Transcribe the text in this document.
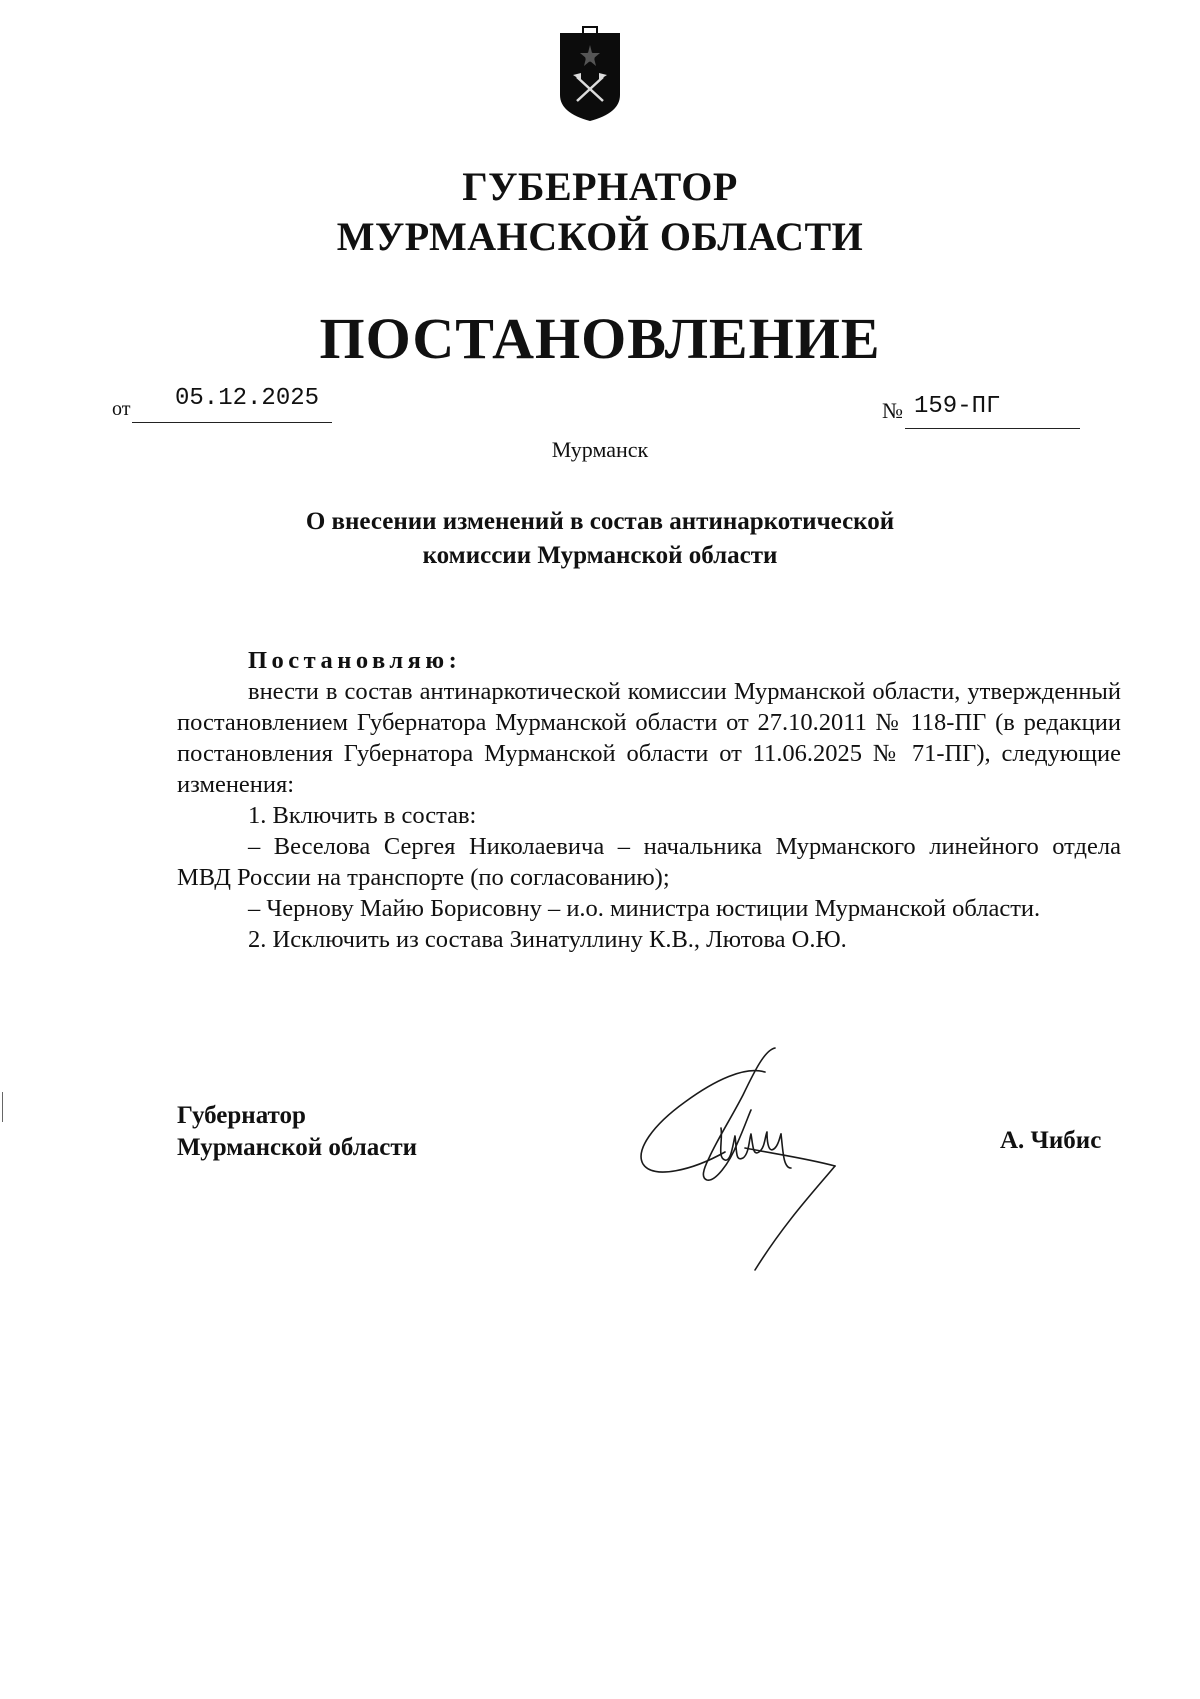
ГУБЕРНАТОР
МУРМАНСКОЙ ОБЛАСТИ
ПОСТАНОВЛЕНИЕ
от 05.12.2025	№ 159-ПГ
Мурманск
О внесении изменений в состав антинаркотической
комиссии Мурманской области

Постановляю:

внести в состав антинаркотической комиссии Мурманской области, утвержденный постановлением Губернатора Мурманской области от 27.10.2011 № 118-ПГ (в редакции постановления Губернатора Мурманской области от 11.06.2025 № 71-ПГ), следующие изменения:

1. Включить в состав:

– Веселова Сергея Николаевича – начальника Мурманского линейного отдела МВД России на транспорте (по согласованию);

– Чернову Майю Борисовну – и.о. министра юстиции Мурманской области.

2. Исключить из состава Зинатуллину К.В., Лютова О.Ю.

Губернатор
Мурманской области	А. Чибис
